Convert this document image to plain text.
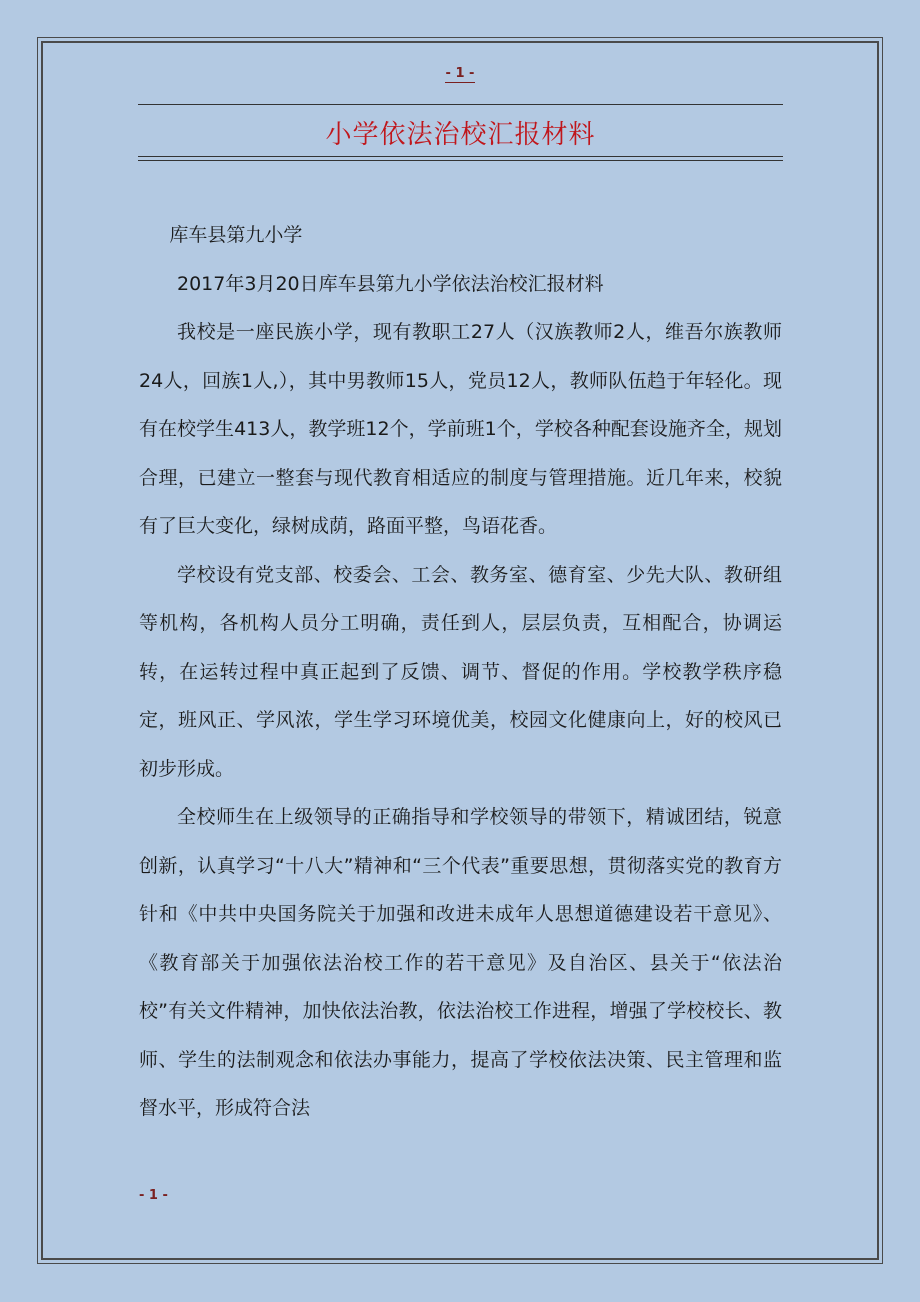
- 1 -
小学依法治校汇报材料

库车县第九小学

2017年3月20日库车县第九小学依法治校汇报材料

我校是一座民族小学，现有教职工27人（汉族教师2人，维吾尔族教师24人，回族1人,），其中男教师15人，党员12人，教师队伍趋于年轻化。现有在校学生413人，教学班12个，学前班1个，学校各种配套设施齐全，规划合理，已建立一整套与现代教育相适应的制度与管理措施。近几年来，校貌有了巨大变化，绿树成荫，路面平整，鸟语花香。

学校设有党支部、校委会、工会、教务室、德育室、少先大队、教研组等机构，各机构人员分工明确，责任到人，层层负责，互相配合，协调运转，在运转过程中真正起到了反馈、调节、督促的作用。学校教学秩序稳定，班风正、学风浓，学生学习环境优美，校园文化健康向上，好的校风已初步形成。

全校师生在上级领导的正确指导和学校领导的带领下，精诚团结，锐意创新，认真学习“十八大”精神和“三个代表”重要思想，贯彻落实党的教育方针和《中共中央国务院关于加强和改进未成年人思想道德建设若干意见》、《教育部关于加强依法治校工作的若干意见》及自治区、县关于“依法治校”有关文件精神，加快依法治教，依法治校工作进程，增强了学校校长、教师、学生的法制观念和依法办事能力，提高了学校依法决策、民主管理和监督水平，形成符合法

- 1 -
